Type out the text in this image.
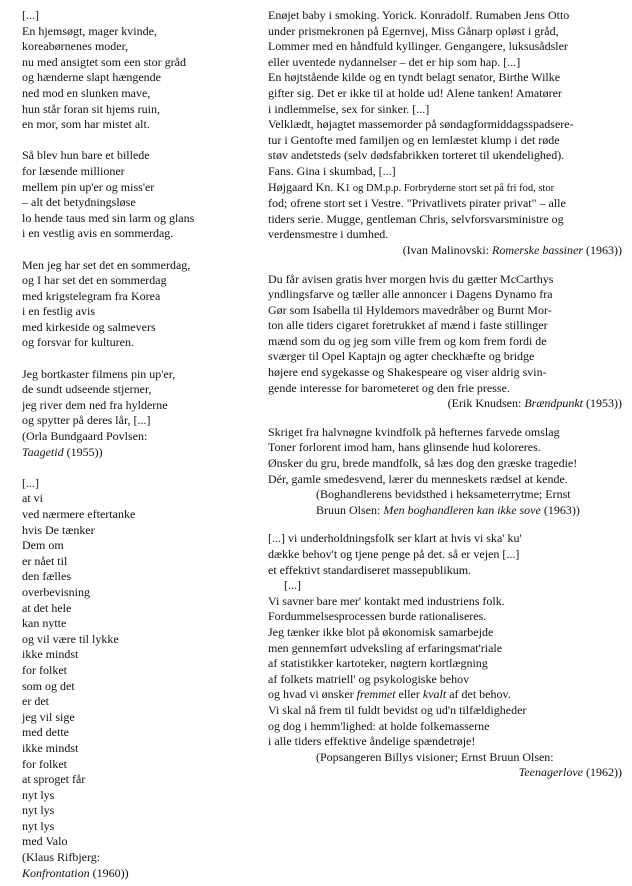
[...]
En hjemsøgt, mager kvinde,
koreabørnenes moder,
nu med ansigtet som een stor gråd
og hænderne slapt hængende
ned mod en slunken mave,
hun står foran sit hjems ruin,
en mor, som har mistet alt.
Så blev hun bare et billede
for læsende millioner
mellem pin up'er og miss'er
– alt det betydningsløse
lo hende taus med sin larm og glans
i en vestlig avis en sommerdag.
Men jeg har set det en sommerdag,
og I har set det en sommerdag
med krigstelegram fra Korea
i en festlig avis
med kirkeside og salmevers
og forsvar for kulturen.
Jeg bortkaster filmens pin up'er,
de sundt udseende stjerner,
jeg river dem ned fra hylderne
og spytter på deres lår, [...]
(Orla Bundgaard Povlsen:
Taagetid (1955))
[...]
at vi
ved nærmere eftertanke
hvis De tænker
Dem om
er nået til
den fælles
overbevisning
at det hele
kan nytte
og vil være til lykke
ikke mindst
for folket
som og det
er det
jeg vil sige
med dette
ikke mindst
for folket
at sproget får
nyt lys
nyt lys
nyt lys
med Valo
(Klaus Rifbjerg:
Konfrontation (1960))
Enøjet baby i smoking. Yorick. Konradolf. Rumaben Jens Otto
under prismekronen på Egernvej, Miss Gånarp opløst i gråd,
Lommer med en håndfuld kyllinger. Gengangere, luksusådsler
eller uventede nydannelser – det er hip som hap. [...]
En højtstående kilde og en tyndt belagt senator, Birthe Wilke
gifter sig. Det er ikke til at holde ud! Alene tanken! Amatører
i indlemmelse, sex for sinker. [...]
Velklædt, højagtet massemorder på søndagformiddagsspadsere-
tur i Gentofte med familjen og en lemlæstet klump i det røde
støv andetsteds (selv dødsfabrikken torteret til ukendelighed).
Fans. Gina i skumbad, [...]
Højgaard Kn. K1 og DM.p.p. Forbryderne stort set på fri fod, stor
fod; ofrene stort set i Vestre. "Privatlivets pirater privat" – alle
tiders serie. Mugge, gentleman Chris, selvforsvarsministre og
verdensmestre i dumhed.
(Ivan Malinovski: Romerske bassiner (1963))
Du får avisen gratis hver morgen hvis du gætter McCarthys
yndlingsfarve og tæller alle annoncer i Dagens Dynamo fra
Gør som Isabella til Hyldemors mavedråber og Burnt Mor-
ton alle tiders cigaret foretrukket af mænd i faste stillinger
mænd som du og jeg som ville frem og kom frem fordi de
sværger til Opel Kaptajn og agter checkhæfte og bridge
højere end sygekasse og Shakespeare og viser aldrig svin-
gende interesse for barometeret og den frie presse.
(Erik Knudsen: Brændpunkt (1953))
Skriget fra halvnøgne kvindfolk på hefternes farvede omslag
Toner forlorent imod ham, hans glinsende hud koloreres.
Ønsker du gru, brede mandfolk, så læs dog den græske tragedie!
Dér, gamle smedesvend, lærer du menneskets rædsel at kende.
(Boghandlerens bevidsthed i heksameterrytme; Ernst
Bruun Olsen: Men boghandleren kan ikke sove (1963))
[...] vi underholdningsfolk ser klart at hvis vi ska' ku'
dække behov't og tjene penge på det. så er vejen [...]
et effektivt standardiseret massepublikum.
[...]
Vi savner bare mer' kontakt med industriens folk.
Fordummelsesprocessen burde rationaliseres.
Jeg tænker ikke blot på økonomisk samarbejde
men gennemført udveksling af erfaringsmat'riale
af statistikker kartoteker, nøgtern kortlægning
af folkets matriell' og psykologiske behov
og hvad vi ønsker fremmet eller kvalt af det behov.
Vi skal nå frem til fuldt bevidst og ud'n tilfældigheder
og dog i hemm'lighed: at holde folkemasserne
i alle tiders effektive åndelige spændetrøje!
(Popsangeren Billys visioner; Ernst Bruun Olsen:
Teenagerlove (1962))
